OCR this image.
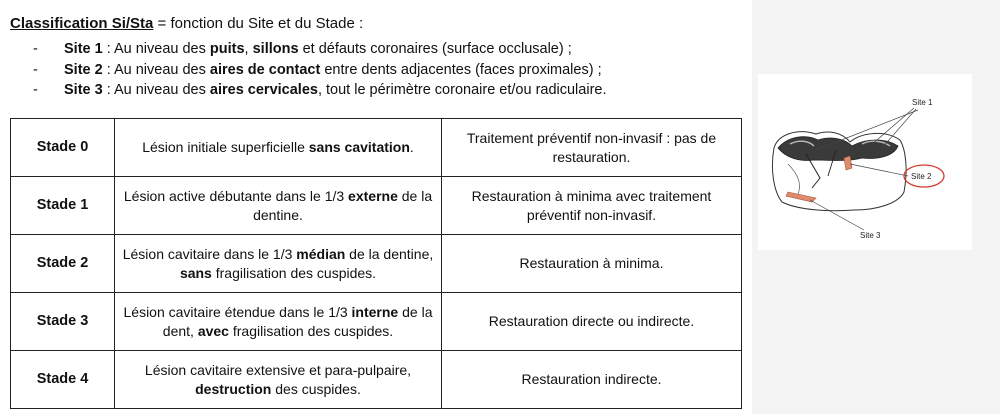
Classification Si/Sta = fonction du Site et du Stade :
- Site 1 : Au niveau des puits, sillons et défauts coronaires (surface occlusale) ;
- Site 2 : Au niveau des aires de contact entre dents adjacentes (faces proximales) ;
- Site 3 : Au niveau des aires cervicales, tout le périmètre coronaire et/ou radiculaire.
Stade 0	Lésion initiale superficielle sans cavitation.	Traitement préventif non-invasif : pas de restauration.
Stade 1	Lésion active débutante dans le 1/3 externe de la dentine.	Restauration à minima avec traitement préventif non-invasif.
Stade 2	Lésion cavitaire dans le 1/3 médian de la dentine, sans fragilisation des cuspides.	Restauration à minima.
Stade 3	Lésion cavitaire étendue dans le 1/3 interne de la dent, avec fragilisation des cuspides.	Restauration directe ou indirecte.
Stade 4	Lésion cavitaire extensive et para-pulpaire, destruction des cuspides.	Restauration indirecte.
Site 1
Site 2
Site 3
